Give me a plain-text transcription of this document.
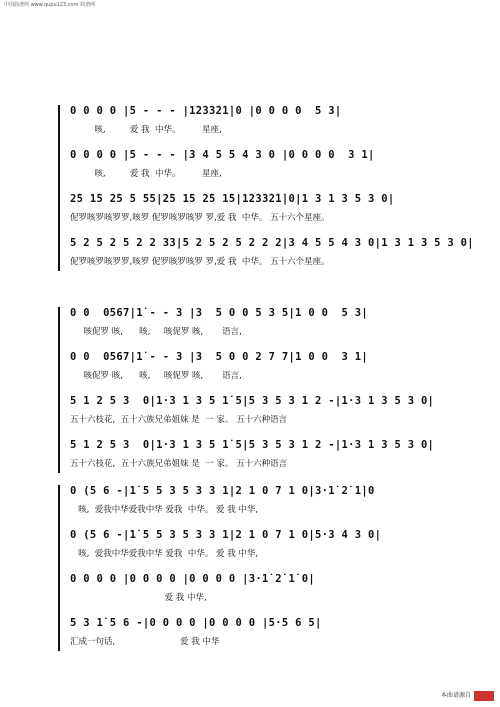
中国曲谱网 www.qupu123.com 简谱网
0 0 0 0 |5 - - - |1̇2̇3̇3̇2̇1̇|0 |0 0 0 0  5 3|
咳,         爱 我  中华。        星座,
0 0 0 0 |5 - - - |3 4 5 5 4 3 0 |0 0 0 0  3 1|
咳,         爱 我  中华。        星座,
2̇5 1̇5 2̇5 5 55|2̇5 1̇5 2̇5 1̇5|1̇2̇3̇3̇2̇1̇|0|1 3 1 3 5 3 0|
伲罗咳罗咳罗罗,咳罗 伲罗咳罗咳罗 罗,爱 我  中华。 五十六个星座。
5 2 5 2 5 2 2 33|5 2 5 2 5 2 2 2|3 4 5 5 4 3 0|1 3 1 3 5 3 0|
伲罗咳罗咳罗罗,咳罗 伲罗咳罗咳罗 罗,爱 我  中华。 五十六个星座。
0 0  0567|1̇ - - 3 |3  5 0 0 5 3 5|1 0 0  5 3|
咳伲罗 咳,      咳,     咳伲罗 咳,       语言,
0 0  0567|1̇ - - 3 |3  5 0 0 2 7 7|1 0 0  3 1|
咳伲罗 咳,      咳,     咳伲罗 咳,       语言,
5 1 2 5 3  0|1·3 1 3 5 1̇ 5|5 3 5 3 1 2 -|1·3 1 3 5 3 0|
五十六枝花,  五十六族兄弟姐妹 是  一 家。 五十六种语言
5 1 2 5 3  0|1·3 1 3 5 1̇ 5|5 3 5 3 1 2 -|1·3 1 3 5 3 0|
五十六枝花,  五十六族兄弟姐妹 是  一 家。 五十六种语言
0 (5 6 -|1̇ 5 5 3 5 3 3 1|2 1 0 7 1 0|3·1̇ 2̇ 1̇|0
咳,  爱我中华爱我中华 爱我  中华。 爱 我 中华,
0 (5 6 -|1̇ 5 5 3 5 3 3 1|2 1 0 7 1 0|5·3 4 3 0|
咳,  爱我中华爱我中华 爱我  中华。 爱 我 中华,
0 0 0 0 |0 0 0 0 |0 0 0 0 |3·1̇ 2̇ 1̇ 0|
爱 我 中华,
5 3 1̇ 5 6 -|0 0 0 0 |0 0 0 0 |5·5 6 5|
汇成一句话,                        爱 我 中华
本曲谱源自
